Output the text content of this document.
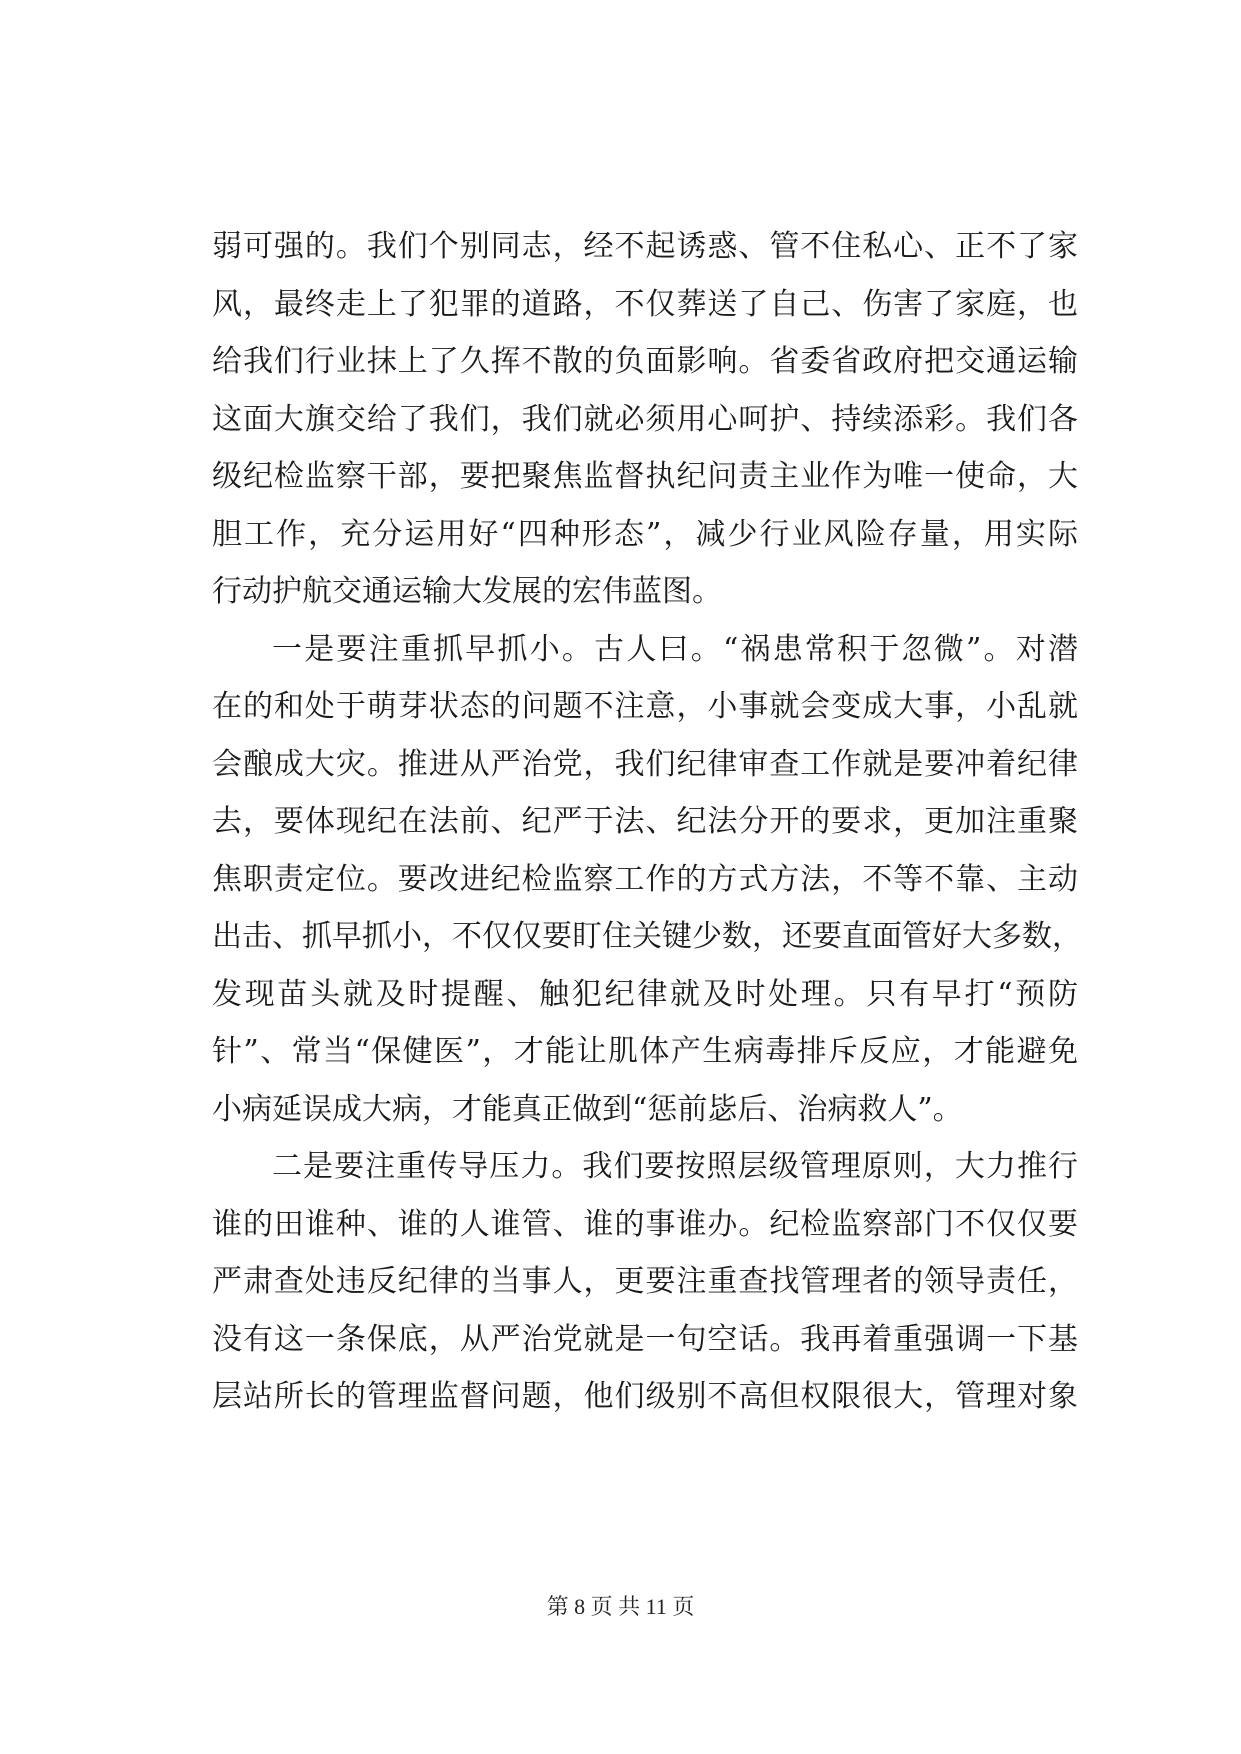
弱可强的。我们个别同志，经不起诱惑、管不住私心、正不了家
风，最终走上了犯罪的道路，不仅葬送了自己、伤害了家庭，也
给我们行业抹上了久挥不散的负面影响。省委省政府把交通运输
这面大旗交给了我们，我们就必须用心呵护、持续添彩。我们各
级纪检监察干部，要把聚焦监督执纪问责主业作为唯一使命，大
胆工作，充分运用好“四种形态”，减少行业风险存量，用实际
行动护航交通运输大发展的宏伟蓝图。
一是要注重抓早抓小。古人曰。“祸患常积于忽微”。对潜
在的和处于萌芽状态的问题不注意，小事就会变成大事，小乱就
会酿成大灾。推进从严治党，我们纪律审查工作就是要冲着纪律
去，要体现纪在法前、纪严于法、纪法分开的要求，更加注重聚
焦职责定位。要改进纪检监察工作的方式方法，不等不靠、主动
出击、抓早抓小，不仅仅要盯住关键少数，还要直面管好大多数，
发现苗头就及时提醒、触犯纪律就及时处理。只有早打“预防
针”、常当“保健医”，才能让肌体产生病毒排斥反应，才能避免
小病延误成大病，才能真正做到“惩前毖后、治病救人”。
二是要注重传导压力。我们要按照层级管理原则，大力推行
谁的田谁种、谁的人谁管、谁的事谁办。纪检监察部门不仅仅要
严肃查处违反纪律的当事人，更要注重查找管理者的领导责任，
没有这一条保底，从严治党就是一句空话。我再着重强调一下基
层站所长的管理监督问题，他们级别不高但权限很大，管理对象
第 8 页 共 11 页
